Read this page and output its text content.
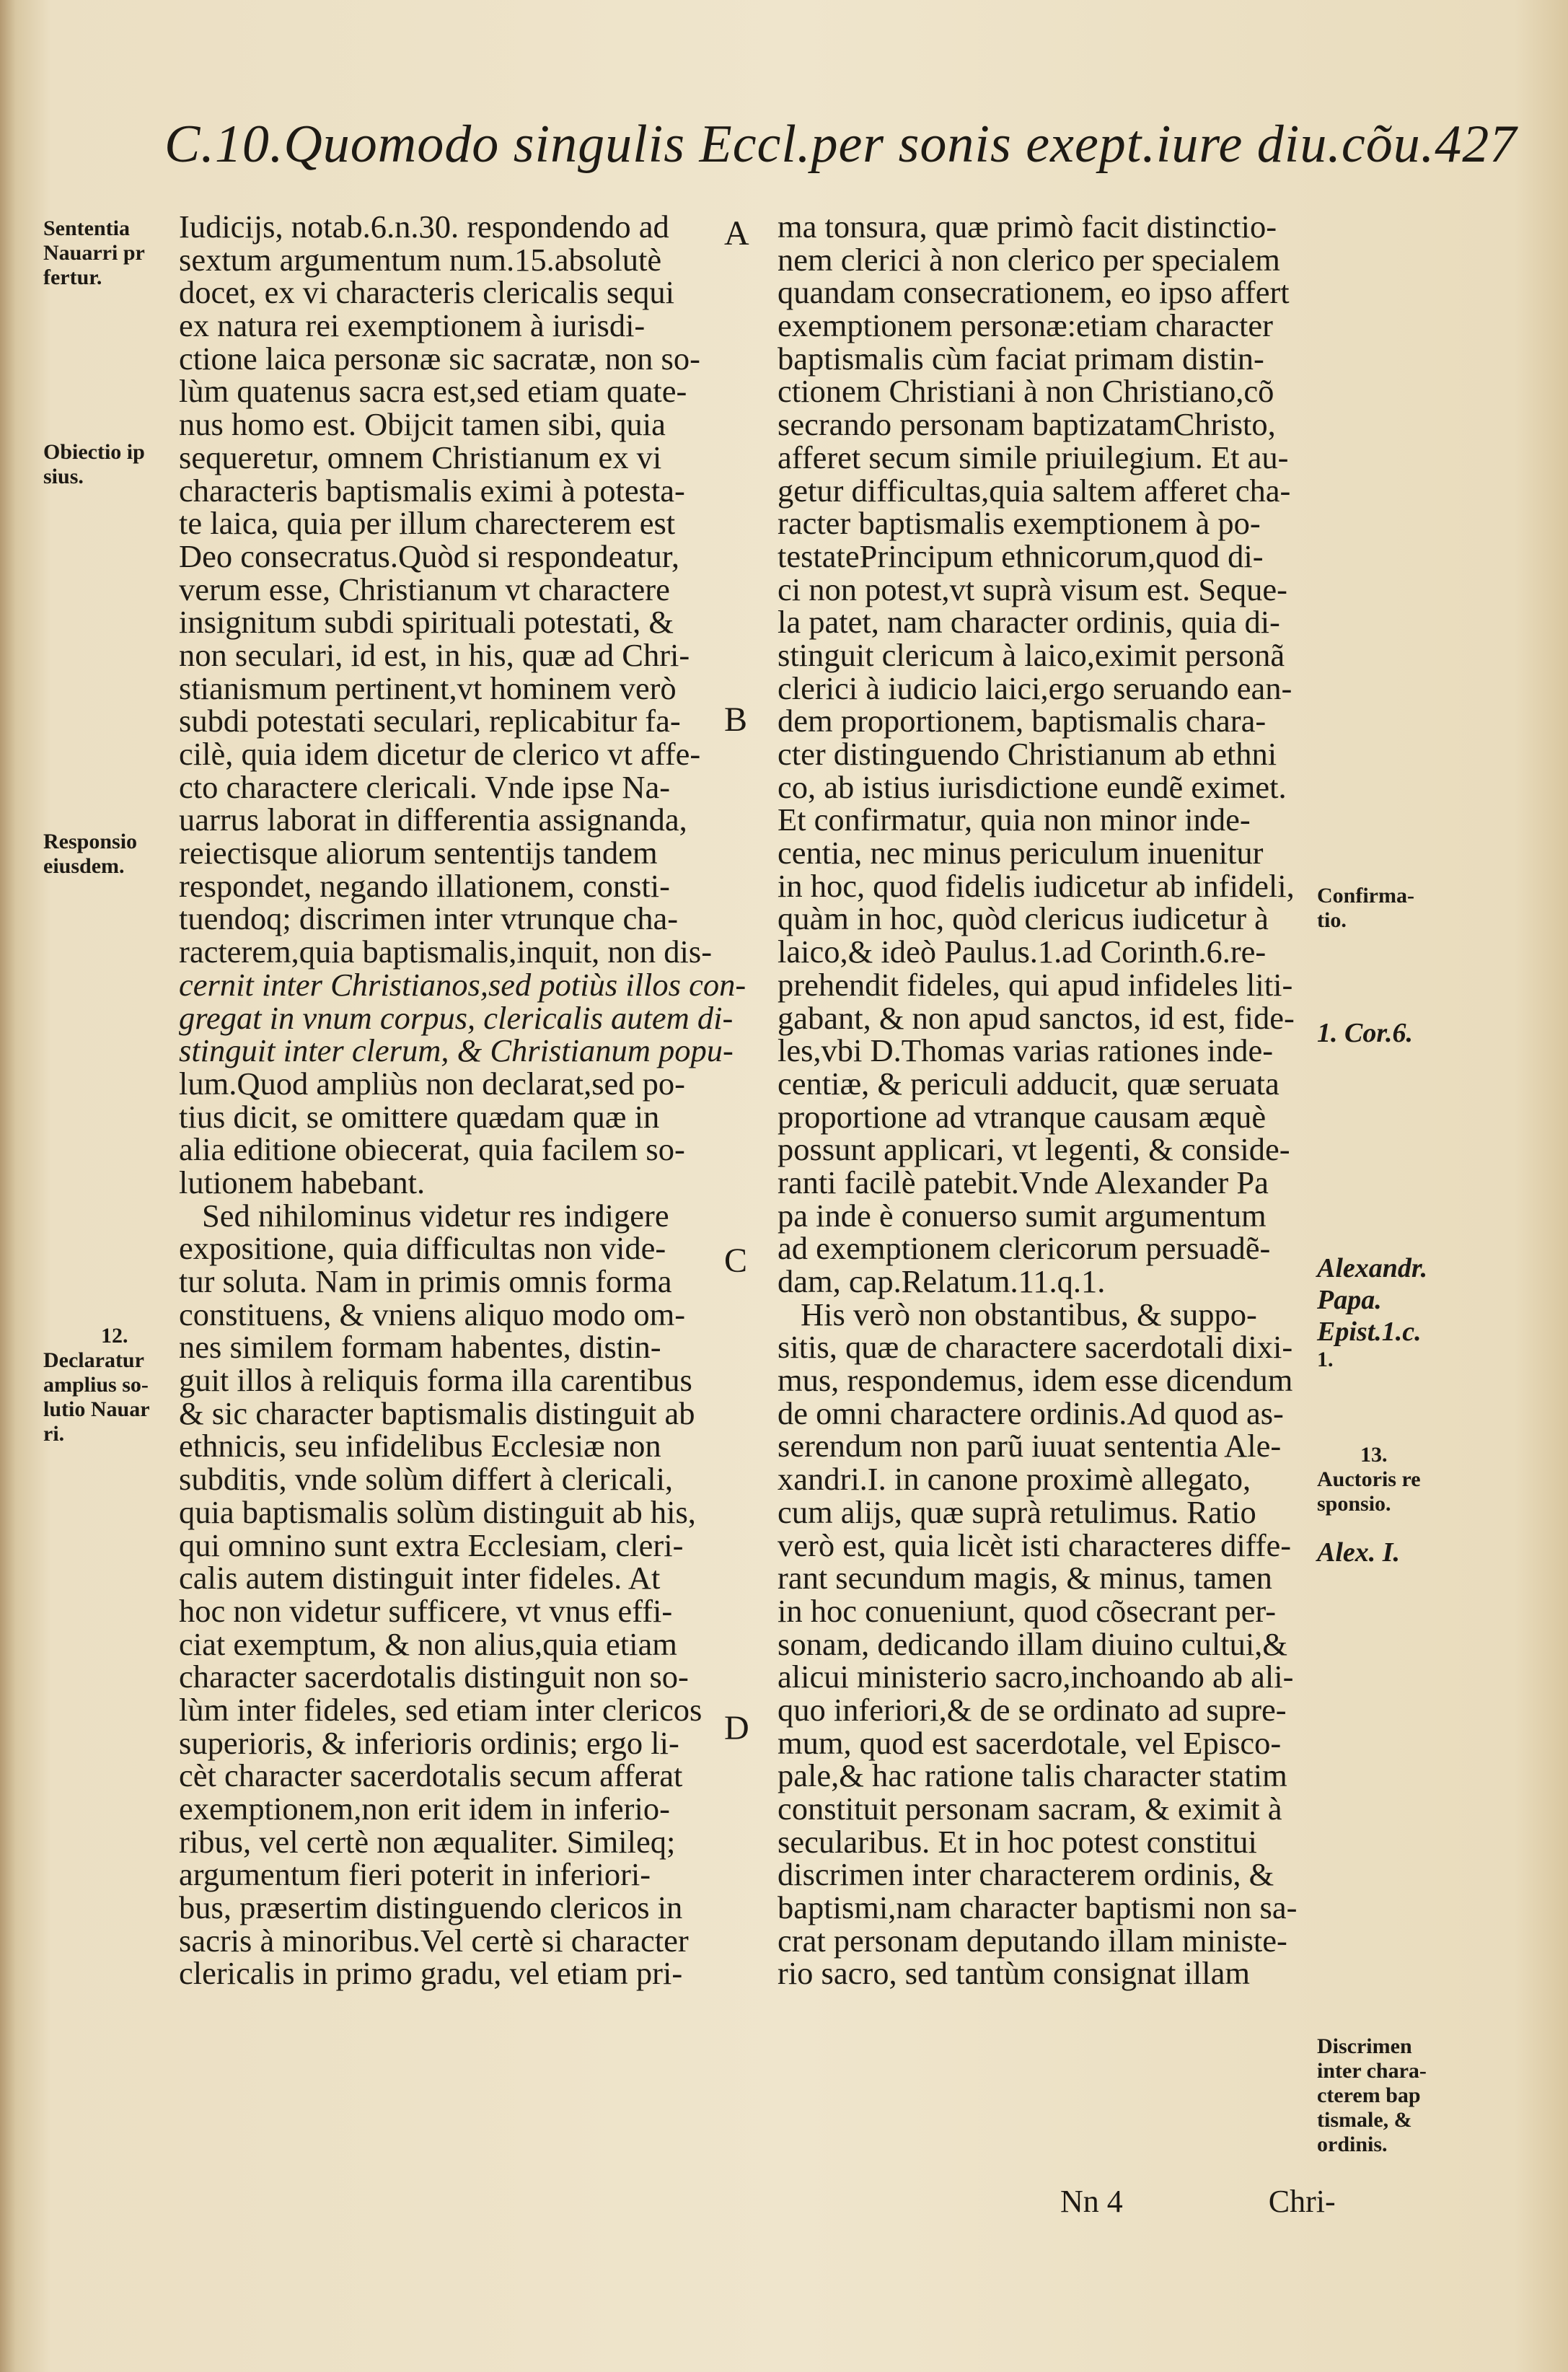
C.10.Quomodo singulis Eccl.per sonis exept.iure diu.cõu.427
Sententia
Nauarri pr
fertur.
Obiectio ip
sius.
Responsio
eiusdem.
12.
Declaratur
amplius so-
lutio Nauar
ri.
A
B
C
D
Iudicijs, notab.6.n.30. respondendo ad
sextum argumentum num.15.absolutè
docet, ex vi characteris clericalis sequi
ex natura rei exemptionem à iurisdi-
ctione laica personæ sic sacratæ, non so-
lùm quatenus sacra est,sed etiam quate-
nus homo est. Obijcit tamen sibi, quia
sequeretur, omnem Christianum ex vi
characteris baptismalis eximi à potesta-
te laica, quia per illum charecterem est
Deo consecratus.Quòd si respondeatur,
verum esse, Christianum vt charactere
insignitum subdi spirituali potestati, &
non seculari, id est, in his, quæ ad Chri-
stianismum pertinent,vt hominem verò
subdi potestati seculari, replicabitur fa-
cilè, quia idem dicetur de clerico vt affe-
cto charactere clericali. Vnde ipse Na-
uarrus laborat in differentia assignanda,
reiectisque aliorum sententijs tandem
respondet, negando illationem, consti-
tuendoq; discrimen inter vtrunque cha-
racterem,quia baptismalis,inquit, non dis-
cernit inter Christianos,sed potiùs illos con-
gregat in vnum corpus, clericalis autem di-
stinguit inter clerum, & Christianum popu-
lum.Quod ampliùs non declarat,sed po-
tius dicit, se omittere quædam quæ in
alia editione obiecerat, quia facilem so-
lutionem habebant.
Sed nihilominus videtur res indigere
expositione, quia difficultas non vide-
tur soluta. Nam in primis omnis forma
constituens, & vniens aliquo modo om-
nes similem formam habentes, distin-
guit illos à reliquis forma illa carentibus
& sic character baptismalis distinguit ab
ethnicis, seu infidelibus Ecclesiæ non
subditis, vnde solùm differt à clericali,
quia baptismalis solùm distinguit ab his,
qui omnino sunt extra Ecclesiam, cleri-
calis autem distinguit inter fideles. At
hoc non videtur sufficere, vt vnus effi-
ciat exemptum, & non alius,quia etiam
character sacerdotalis distinguit non so-
lùm inter fideles, sed etiam inter clericos
superioris, & inferioris ordinis; ergo li-
cèt character sacerdotalis secum afferat
exemptionem,non erit idem in inferio-
ribus, vel certè non æqualiter. Simileq;
argumentum fieri poterit in inferiori-
bus, præsertim distinguendo clericos in
sacris à minoribus.Vel certè si character
clericalis in primo gradu, vel etiam pri-
ma tonsura, quæ primò facit distinctio-
nem clerici à non clerico per specialem
quandam consecrationem, eo ipso affert
exemptionem personæ:etiam character
baptismalis cùm faciat primam distin-
ctionem Christiani à non Christiano,cõ
secrando personam baptizatamChristo,
afferet secum simile priuilegium. Et au-
getur difficultas,quia saltem afferet cha-
racter baptismalis exemptionem à po-
testatePrincipum ethnicorum,quod di-
ci non potest,vt suprà visum est. Seque-
la patet, nam character ordinis, quia di-
stinguit clericum à laico,eximit personã
clerici à iudicio laici,ergo seruando ean-
dem proportionem, baptismalis chara-
cter distinguendo Christianum ab ethni
co, ab istius iurisdictione eundẽ eximet.
Et confirmatur, quia non minor inde-
centia, nec minus periculum inuenitur
in hoc, quod fidelis iudicetur ab infideli,
quàm in hoc, quòd clericus iudicetur à
laico,& ideò Paulus.1.ad Corinth.6.re-
prehendit fideles, qui apud infideles liti-
gabant, & non apud sanctos, id est, fide-
les,vbi D.Thomas varias rationes inde-
centiæ, & periculi adducit, quæ seruata
proportione ad vtranque causam æquè
possunt applicari, vt legenti, & conside-
ranti facilè patebit.Vnde Alexander Pa
pa inde è conuerso sumit argumentum
ad exemptionem clericorum persuadẽ-
dam, cap.Relatum.11.q.1.
His verò non obstantibus, & suppo-
sitis, quæ de charactere sacerdotali dixi-
mus, respondemus, idem esse dicendum
de omni charactere ordinis.Ad quod as-
serendum non parũ iuuat sententia Ale-
xandri.I. in canone proximè allegato,
cum alijs, quæ suprà retulimus. Ratio
verò est, quia licèt isti characteres diffe-
rant secundum magis, & minus, tamen
in hoc conueniunt, quod cõsecrant per-
sonam, dedicando illam diuino cultui,&
alicui ministerio sacro,inchoando ab ali-
quo inferiori,& de se ordinato ad supre-
mum, quod est sacerdotale, vel Episco-
pale,& hac ratione talis character statim
constituit personam sacram, & eximit à
secularibus. Et in hoc potest constitui
discrimen inter characterem ordinis, &
baptismi,nam character baptismi non sa-
crat personam deputando illam ministe-
rio sacro, sed tantùm consignat illam
Confirma-
tio.
1. Cor.6.
Alexandr.
Papa.
Epist.1.c.
1.
13.
Auctoris re
sponsio.
Alex. I.
Discrimen
inter chara-
cterem bap
tismale, &
ordinis.
Nn 4	Chri-
